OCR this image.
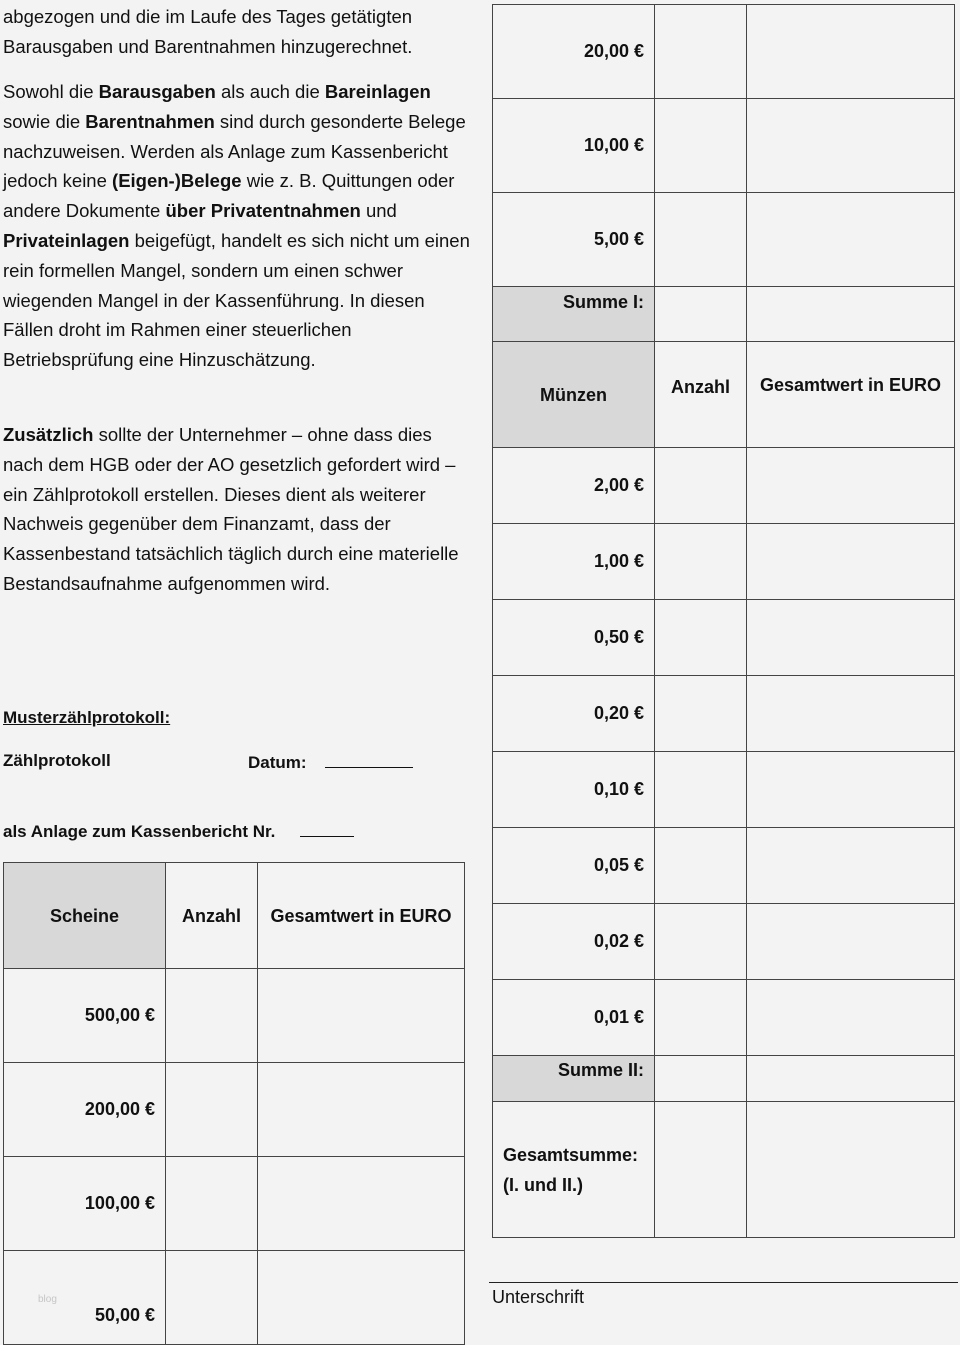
abgezogen und die im Laufe des Tages getätigten Barausgaben und Barentnahmen hinzugerechnet.

Sowohl die Barausgaben als auch die Bareinlagen sowie die Barentnahmen sind durch gesonderte Belege nachzuweisen. Werden als Anlage zum Kassenbericht jedoch keine (Eigen-)Belege wie z. B. Quittungen oder andere Dokumente über Privatentnahmen und Privateinlagen beigefügt, handelt es sich nicht um einen rein formellen Mangel, sondern um einen schwer wiegenden Mangel in der Kassenführung. In diesen Fällen droht im Rahmen einer steuerlichen Betriebsprüfung eine Hinzuschätzung.

Zusätzlich sollte der Unternehmer – ohne dass dies nach dem HGB oder der AO gesetzlich gefordert wird – ein Zählprotokoll erstellen. Dieses dient als weiterer Nachweis gegenüber dem Finanzamt, dass der Kassenbestand tatsächlich täglich durch eine materielle Bestandsaufnahme aufgenommen wird.

Musterzählprotokoll:
Zählprotokoll	Datum:
als Anlage zum Kassenbericht Nr.
Scheine	Anzahl	Gesamtwert in EURO
500,00 €		
200,00 €		
100,00 €		
50,00 €		
20,00 €		
10,00 €		
5,00 €		
Summe I:		
Münzen	Anzahl	Gesamtwert in EURO
2,00 €		
1,00 €		
0,50 €		
0,20 €		
0,10 €		
0,05 €		
0,02 €		
0,01 €		
Summe II:		
Gesamtsumme:
(I. und II.)		
Unterschrift
blog
